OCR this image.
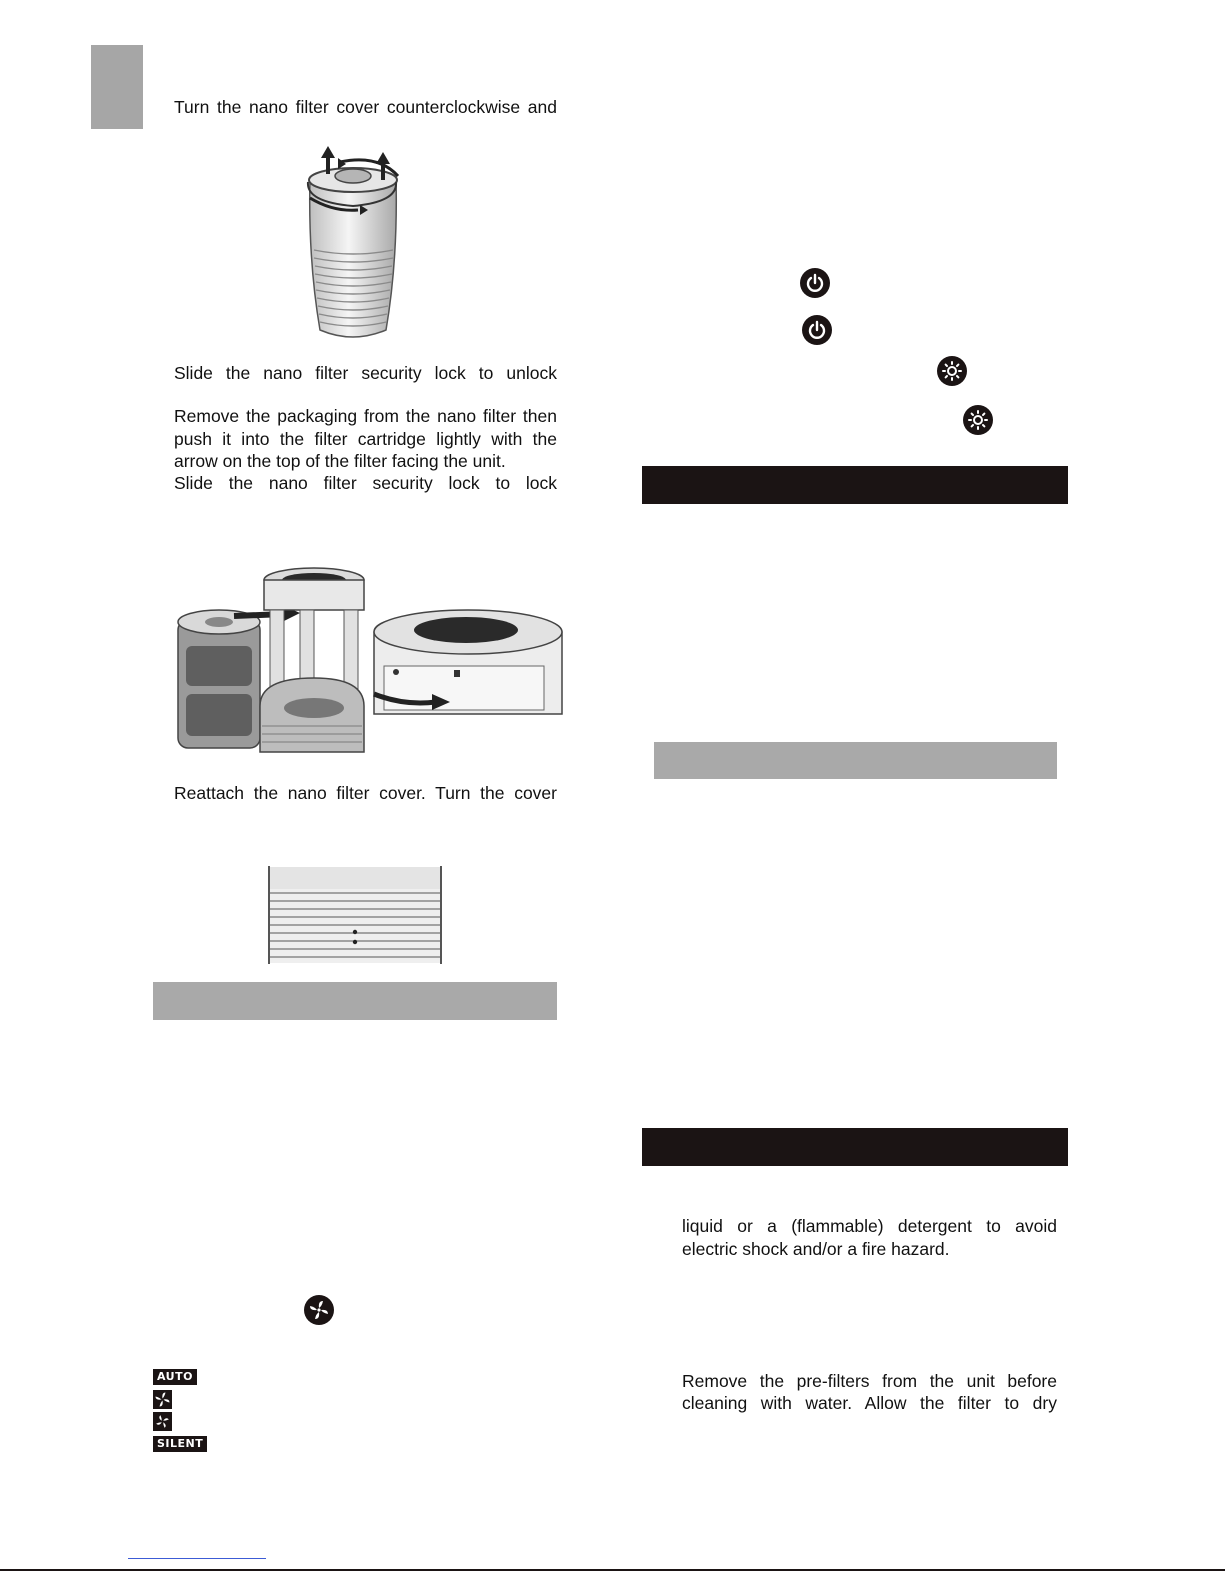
Turn the nano filter cover counterclockwise and
Slide the nano filter security lock to unlock
Remove the packaging from the nano filter then
push it into the filter cartridge lightly with the
arrow on the top of the filter facing the unit.
Slide the nano filter security lock to lock
Reattach the nano filter cover. Turn the cover
AUTO
SILENT
liquid or a (flammable) detergent to avoid
electric shock and/or a fire hazard.
Remove the pre-filters from the unit before
cleaning with water. Allow the filter to dry
